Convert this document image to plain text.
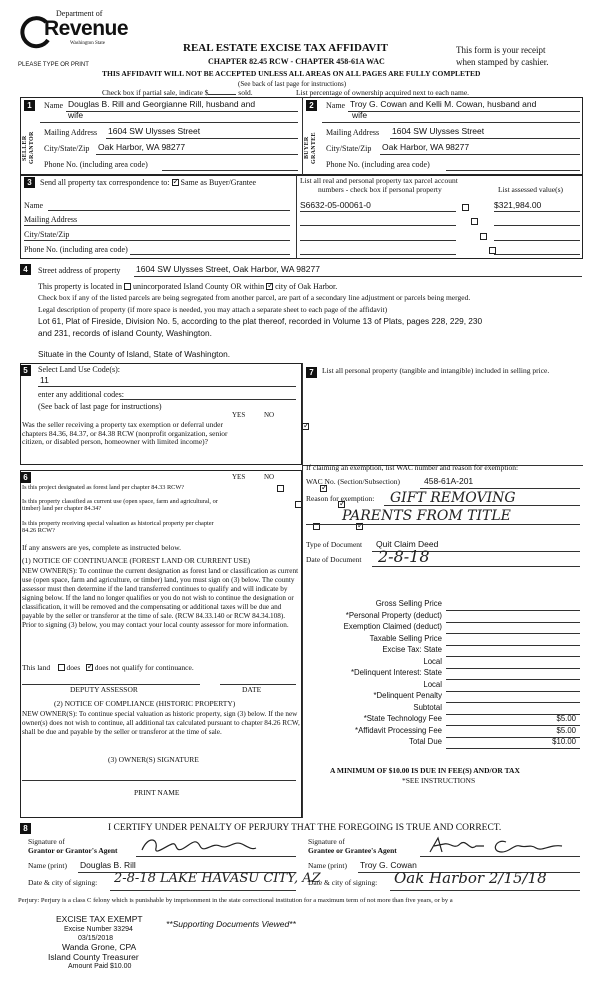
Department of
Revenue
Washington State
PLEASE TYPE OR PRINT
REAL ESTATE EXCISE TAX AFFIDAVIT
CHAPTER 82.45 RCW - CHAPTER 458-61A WAC
This form is your receipt
when stamped by cashier.
THIS AFFIDAVIT WILL NOT BE ACCEPTED UNLESS ALL AREAS ON ALL PAGES ARE FULLY COMPLETED
(See back of last page for instructions)
Check box if partial sale, indicate $	sold.	List percentage of ownership acquired next to each name.
1
SELLER GRANTOR
Name Douglas B. Rill and Georgianne Rill, husband and
wife
Mailing Address 1604 SW Ulysses Street
City/State/Zip Oak Harbor, WA 98277
Phone No. (including area code)
2
BUYER GRANTEE
Name Troy G. Cowan and Kelli M. Cowan, husband and
wife
Mailing Address 1604 SW Ulysses Street
City/State/Zip Oak Harbor, WA 98277
Phone No. (including area code)
3	Send all property tax correspondence to: ✓ Same as Buyer/Grantee
Name
Mailing Address
City/State/Zip
Phone No. (including area code)
List all real and personal property tax parcel account
numbers - check box if personal property	List assessed value(s)
S6632-05-00061-0
	$321,984.00

4	Street address of property 1604 SW Ulysses Street, Oak Harbor, WA 98277
This property is located in unincorporated Island County OR within ✓ city of Oak Harbor.
Check box if any of the listed parcels are being segregated from another parcel, are part of a secondary line adjustment or parcels being merged.
Legal description of property (if more space is needed, you may attach a separate sheet to each page of the affidavit)
Lot 61, Plat of Fireside, Division No. 5, according to the plat thereof, recorded in Volume 13 of Plats, pages 228, 229, 230
and 231, records of island County, Washington.
Situate in the County of Island, State of Washington.
5	Select Land Use Code(s):
11
enter any additional codes:
(See back of last page for instructions)
YES	NO
Was the seller receiving a property tax exemption or deferral under chapters 84.36, 84.37, or 84.38 RCW (nonprofit organization, senior citizen, or disabled person, homeowner with limited income)?
✓
6	YES	NO
Is this project designated as forest land per chapter 84.33 RCW?
✓
Is this property classified as current use (open space, farm and agricultural, or timber) land per chapter 84.34?
✓
Is this property receiving special valuation as historical property per chapter 84.26 RCW?
✓
If any answers are yes, complete as instructed below.
(1) NOTICE OF CONTINUANCE (FOREST LAND OR CURRENT USE)
NEW OWNER(S): To continue the current designation as forest land or classification as current use (open space, farm and agriculture, or timber) land, you must sign on (3) below. The county assessor must then determine if the land transferred continues to qualify and will indicate by signing below. If the land no longer qualifies or you do not wish to continue the designation or classification, it will be removed and the compensating or additional taxes will be due and payable by the seller or transferor at the time of sale. (RCW 84.33.140 or RCW 84.34.108). Prior to signing (3) below, you may contact your local county assessor for more information.
This land does ✓ does not qualify for continuance.
DEPUTY ASSESSOR	DATE
(2) NOTICE OF COMPLIANCE (HISTORIC PROPERTY)
NEW OWNER(S): To continue special valuation as historic property, sign (3) below. If the new owner(s) does not wish to continue, all additional tax calculated pursuant to chapter 84.26 RCW, shall be due and payable by the seller or transferor at the time of sale.
(3) OWNER(S) SIGNATURE
PRINT NAME
7	List all personal property (tangible and intangible) included in selling price.
If claiming an exemption, list WAC number and reason for exemption:
WAC No. (Section/Subsection)	458-61A-201
Reason for exemption: GIFT REMOVING
PARENTS FROM TITLE
Type of Document Quit Claim Deed
Date of Document 2-8-18
Gross Selling Price
*Personal Property (deduct)
Exemption Claimed (deduct)
Taxable Selling Price
Excise Tax: State
Local
*Delinquent Interest: State
Local
*Delinquent Penalty
Subtotal
*State Technology Fee	$5.00
*Affidavit Processing Fee	$5.00
Total Due	$10.00
A MINIMUM OF $10.00 IS DUE IN FEE(S) AND/OR TAX
*SEE INSTRUCTIONS
8	I CERTIFY UNDER PENALTY OF PERJURY THAT THE FOREGOING IS TRUE AND CORRECT.
Signature of
Grantor or Grantor's Agent
Signature of
Grantee or Grantee's Agent
Name (print) Douglas B. Rill	Name (print) Troy G. Cowan
Date & city of signing: 2-8-18 LAKE HAVASU CITY, AZ
Date & city of signing: Oak Harbor 2/15/18
Perjury: Perjury is a class C felony which is punishable by imprisonment in the state correctional institution for a maximum term of not more than five years, or by a
EXCISE TAX EXEMPT
Excise Number 33294
03/15/2018
Wanda Grone, CPA
Island County Treasurer
Amount Paid $10.00
**Supporting Documents Viewed**
